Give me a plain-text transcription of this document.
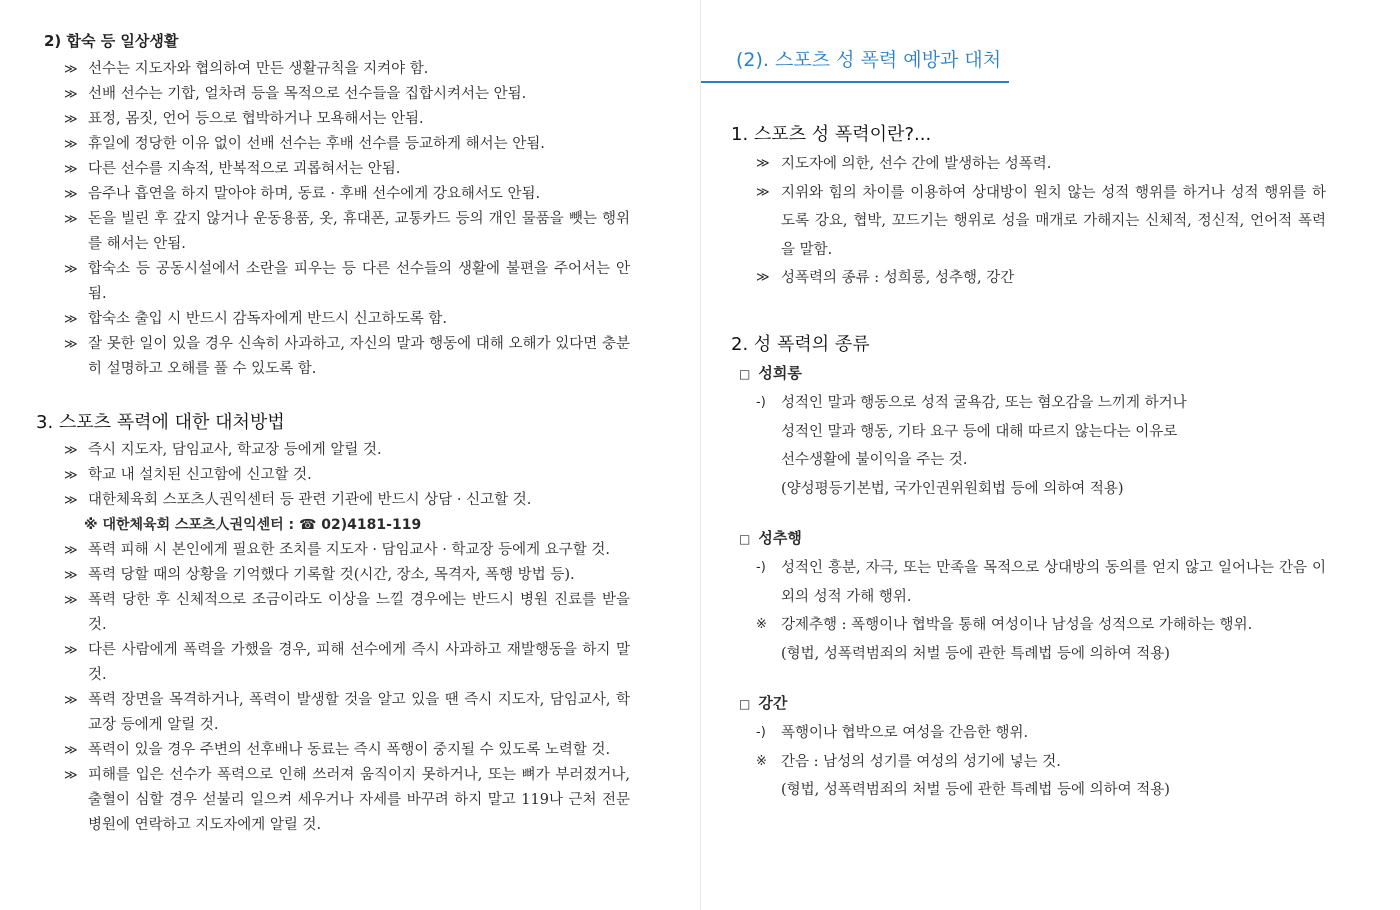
2) 합숙 등 일상생활
≫ 선수는 지도자와 협의하여 만든 생활규칙을 지켜야 함.
≫ 선배 선수는 기합, 얼차려 등을 목적으로 선수들을 집합시켜서는 안됨.
≫ 표정, 몸짓, 언어 등으로 협박하거나 모욕해서는 안됨.
≫ 휴일에 정당한 이유 없이 선배 선수는 후배 선수를 등교하게 해서는 안됨.
≫ 다른 선수를 지속적, 반복적으로 괴롭혀서는 안됨.
≫ 음주나 흡연을 하지 말아야 하며, 동료 · 후배 선수에게 강요해서도 안됨.
≫ 돈을 빌린 후 갚지 않거나 운동용품, 옷, 휴대폰, 교통카드 등의 개인 물품을 뺏는 행위를 해서는 안됨.
≫ 합숙소 등 공동시설에서 소란을 피우는 등 다른 선수들의 생활에 불편을 주어서는 안됨.
≫ 합숙소 출입 시 반드시 감독자에게 반드시 신고하도록 함.
≫ 잘 못한 일이 있을 경우 신속히 사과하고, 자신의 말과 행동에 대해 오해가 있다면 충분히 설명하고 오해를 풀 수 있도록 함.
3. 스포츠 폭력에 대한 대처방법
≫ 즉시 지도자, 담임교사, 학교장 등에게 알릴 것.
≫ 학교 내 설치된 신고함에 신고할 것.
≫ 대한체육회 스포츠人권익센터 등 관련 기관에 반드시 상담 · 신고할 것.
※ 대한체육회 스포츠人권익센터 : ☎ 02)4181-119
≫ 폭력 피해 시 본인에게 필요한 조치를 지도자 · 담임교사 · 학교장 등에게 요구할 것.
≫ 폭력 당할 때의 상황을 기억했다 기록할 것(시간, 장소, 목격자, 폭행 방법 등).
≫ 폭력 당한 후 신체적으로 조금이라도 이상을 느낄 경우에는 반드시 병원 진료를 받을 것.
≫ 다른 사람에게 폭력을 가했을 경우, 피해 선수에게 즉시 사과하고 재발행동을 하지 말 것.
≫ 폭력 장면을 목격하거나, 폭력이 발생할 것을 알고 있을 땐 즉시 지도자, 담임교사, 학교장 등에게 알릴 것.
≫ 폭력이 있을 경우 주변의 선후배나 동료는 즉시 폭행이 중지될 수 있도록 노력할 것.
≫ 피해를 입은 선수가 폭력으로 인해 쓰러져 움직이지 못하거나, 또는 뼈가 부러졌거나, 출혈이 심할 경우 섣불리 일으켜 세우거나 자세를 바꾸려 하지 말고 119나 근처 전문병원에 연락하고 지도자에게 알릴 것.
(2). 스포츠 성 폭력 예방과 대처
1. 스포츠 성 폭력이란?...
≫ 지도자에 의한, 선수 간에 발생하는 성폭력.
≫ 지위와 힘의 차이를 이용하여 상대방이 원치 않는 성적 행위를 하거나 성적 행위를 하도록 강요, 협박, 꼬드기는 행위로 성을 매개로 가해지는 신체적, 정신적, 언어적 폭력을 말함.
≫ 성폭력의 종류 : 성희롱, 성추행, 강간
2. 성 폭력의 종류
□ 성희롱
-) 성적인 말과 행동으로 성적 굴욕감, 또는 혐오감을 느끼게 하거나
성적인 말과 행동, 기타 요구 등에 대해 따르지 않는다는 이유로
선수생활에 불이익을 주는 것.
(양성평등기본법, 국가인권위원회법 등에 의하여 적용)
□ 성추행
-) 성적인 흥분, 자극, 또는 만족을 목적으로 상대방의 동의를 얻지 않고 일어나는 간음 이외의 성적 가해 행위.
※ 강제추행 : 폭행이나 협박을 통해 여성이나 남성을 성적으로 가해하는 행위.
(형법, 성폭력범죄의 처벌 등에 관한 특례법 등에 의하여 적용)
□ 강간
-) 폭행이나 협박으로 여성을 간음한 행위.
※ 간음 : 남성의 성기를 여성의 성기에 넣는 것.
(형법, 성폭력범죄의 처벌 등에 관한 특례법 등에 의하여 적용)
